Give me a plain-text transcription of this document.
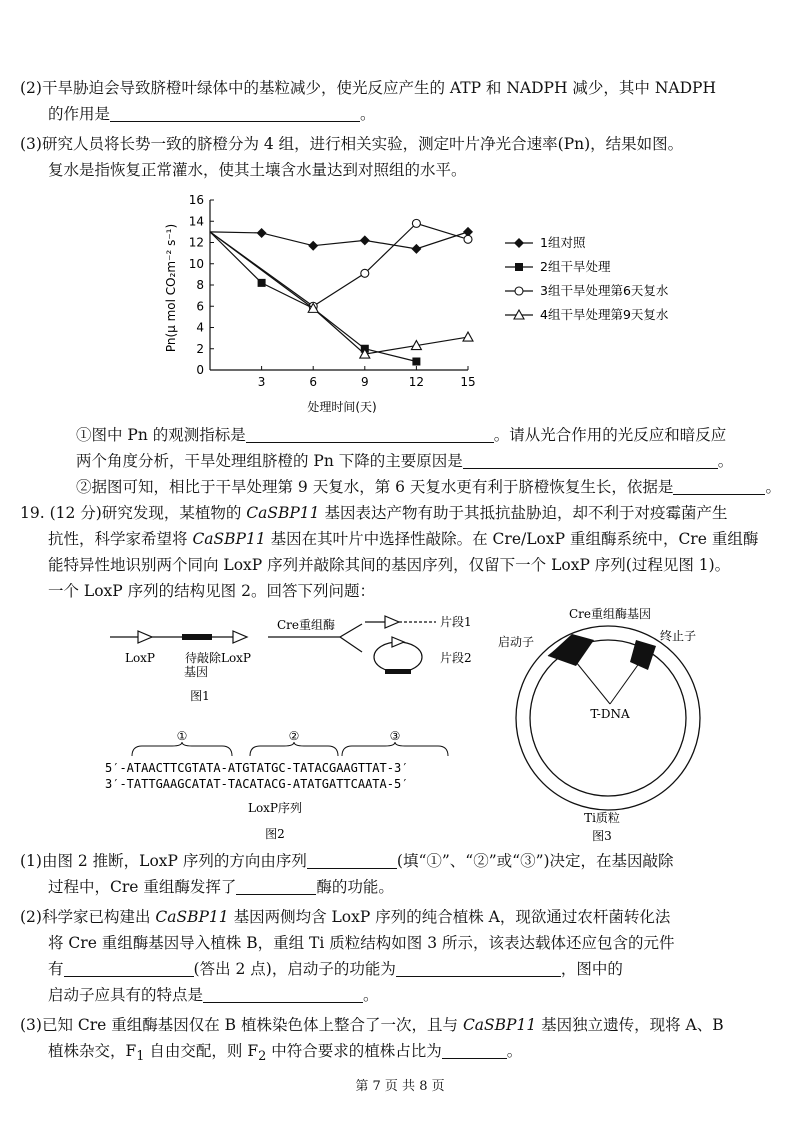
(2)干旱胁迫会导致脐橙叶绿体中的基粒减少，使光反应产生的 ATP 和 NADPH 减少，其中 NADPH
的作用是	。
(3)研究人员将长势一致的脐橙分为 4 组，进行相关实验，测定叶片净光合速率(Pn)，结果如图。
复水是指恢复正常灌水，使其土壤含水量达到对照组的水平。
Pn(μ mol CO₂m⁻² s⁻¹)
处理时间(天)
0
2
4
6
8
10
12
14
16
3	6	9	12	15
1组对照
2组干旱处理
3组干旱处理第6天复水
4组干旱处理第9天复水
①图中 Pn 的观测指标是	。请从光合作用的光反应和暗反应
两个角度分析，干旱处理组脐橙的 Pn 下降的主要原因是	。
②据图可知，相比于干旱处理第 9 天复水，第 6 天复水更有利于脐橙恢复生长，依据是	。
19. (12 分)研究发现，某植物的 CaSBP11 基因表达产物有助于其抵抗盐胁迫，却不利于对疫霉菌产生
抗性，科学家希望将 CaSBP11 基因在其叶片中选择性敲除。在 Cre/LoxP 重组酶系统中，Cre 重组酶
能特异性地识别两个同向 LoxP 序列并敲除其间的基因序列，仅留下一个 LoxP 序列(过程见图 1)。
一个 LoxP 序列的结构见图 2。回答下列问题：
LoxP 待敲除LoxP
基因
Cre重组酶	片段1
片段2
图1
①	②	③
5′-ATAACTTCGTATA-ATGTATGC-TATACGAAGTTAT-3′
3′-TATTGAAGCATAT-TACATACG-ATATGATTCAATA-5′
LoxP序列
图2
Cre重组酶基因
启动子	终止子
T-DNA
Ti质粒
图3
(1)由图 2 推断，LoxP 序列的方向由序列	(填“①”、“②”或“③”)决定，在基因敲除
过程中，Cre 重组酶发挥了	酶的功能。
(2)科学家已构建出 CaSBP11 基因两侧均含 LoxP 序列的纯合植株 A，现欲通过农杆菌转化法
将 Cre 重组酶基因导入植株 B，重组 Ti 质粒结构如图 3 所示，该表达载体还应包含的元件
有	(答出 2 点)，启动子的功能为	，图中的
启动子应具有的特点是	。
(3)已知 Cre 重组酶基因仅在 B 植株染色体上整合了一次，且与 CaSBP11 基因独立遗传，现将 A、B
植株杂交，$F_1$ 自由交配，则 $F_2$ 中符合要求的植株占比为	。
第 7 页 共 8 页
